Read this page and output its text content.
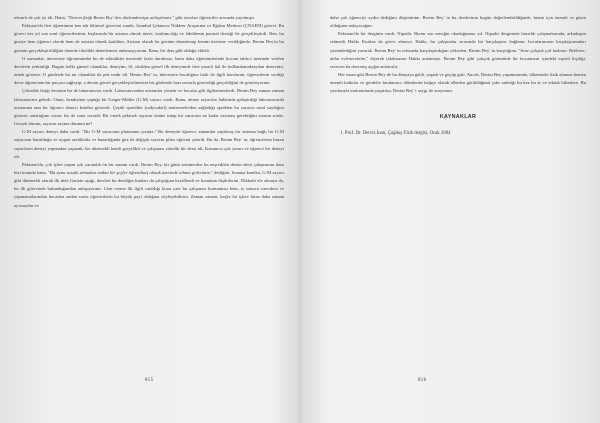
tekrarlı de çok iyi idi. Hatta, "Nitrom fiziği Besim Bey' den dinlemdemişiz anlaşılması." gibi tavırları öğrenciler arasında yayılmıştı.

Pakistan'da ileri öğrenimini ben tek bilimsel görevini sundu. İstanbul Çekmece Nükleer Araştırma ve Eğitim Merkezi (ÇNAEM) görevi. Bu görevi her yıl son sınıf öğrencilerinin, başlarında bir asistan olmak üzere, katılımcılığı ve fakültenin parasal desteği ile gerçekleştirdi. Ben, bu geziye hem öğrenci olarak hem de asistan olarak katıldım. Asistan olarak bu gezinin düzenlenip benim üzerime verildiğinde, Besim Bey'in bu gezinin gerçekleştirildiğini önemle titizlikle denetlemesi anlamışıyorum. Bana, bir ders gibi olduğu ekledi.

O zamanlar, üniversite öğrenimindei bu de etkinlikler üzerinde fazla durulmaz; hatta daha öğrenimlerinde hocam tabirci üzerinde verilen derslerin yetkinliği. Bugiin belki günsel olanaklar, deneyim, fil, okuldan görsel ilk deneyimde ileri yararlı hal ile kullanılamaktaydan deneyimi, örnek gösterir. O günlerde bu tur olanaklar da pek nadir idi. Besim Bey' in, üniversite hocalığına fizik ile ilgili kurslarını, öğrencilerin verdiği derse öğrencinin bir parçası sağlayıp, o dersin görsel gerçekleştirilmesini bir gözlemle bazı unsurla gösterdiği gerçekliğini de gösteriyorum.

Çekirdek fiziği dersinin bir de laboratuvarı vardı. Laboratuvardan asistanlar yönetir ve hocalar gök ilgilenmezlerdi. Besim Bey zaman zaman laboratuvara gelirdi. Onun, kendisinin yaptığı bir Geiger-Müller (G-M) sayacı vardı. Bunu, deney sayacılar hakkında geliştirdiği laboratuvarda asistanına tam bir öğrenci deneyi kendisi gösterdi. Çeşitli sprediler (radyoaktif) malzemelerden sağladığı sprekten bu sayacın nasıl saydığını gösterir anlattığımı sonra, bir de sona sorardi: Bir örnek pekmek sayacın önüne tutup bir sayacam ne kadar sayması gerektiğini sorunu sordu. Gerçek durum, sayacın sayma durumu ne?

G-M sayacı deneyi daha vardı: "Bir G-M sayacının platonunu çiziniz." Bu deneyde öğrenci, zamanlar yapılanış bir sistema bağlı bir G-M sayacının kurulduğu ve uygun aralıklarla ve hazarlığında göz ile değişik sayacın plato eğrisini çizerdi. Bu da, Besim Bey' in, öğrencilerin bazen sayacların deneyi yapmadan yaparak, bir düzenekli kendi geçerlikli ve çalışması yönelik bir dersi idi. Kanunıca çok yararı ve öğrenci bir deneyi idi.

Pakistan'da, çok işleri yapan çok yaratalık ön bir sunum vardı. Besim Bey, bir günü seminerden bu neşredilen dersin dersi çalışmasını ilanı bizi konuda bana, "Bu aynu susulti almadan ondan bir şeyler öğrenilmiş olmak üzerinde nihanı golerimin." dediğini. Sonuna kendisi, G-M sayacı gibi düzenekli olarak ilk defa Garizin aşağı, dersleri bu dersliğin bunları da çalıştığına keyiflendi ve konunun ilişikilerini. Dikkatli ele almaya da, bu ilk görevinde bulunduğundan anlaşıyorum. Cem verme ilk ilgili canlılığı konu yazı bu çalışması kurmamızı hem, iç sonuca varsırken ve yapmamalarından hocadan ondan sırası öğrencilerin bu büyük payi oldağına söyleyebilirim. Zaman zaman, keşke bu işlere biraz daha zaman ayırsaydın ve

815

daha çok öğrenciyi aydın dediğimi düşünürüm. Besim Bey' in bu derslerinin bugün değerlendirildiğinde, bizim için önemli ve güzin olduğunu anlayacağım.

Pakistan'da bir derginin vardı: Nipadir. Bizim son seneğin okuduğumuz yıl. Nipadir derginizin hazırlık çalışmalarında, arkadaşım rahmetli Hakkı Kuzkas da görev almaya. Hakkı, bu çalışmalar sırasında bir karşılaştırır bağlamı; hocalarımızın karşılaştırmaları çözümlediğini yazarak. Besim Bey' in odasında karşılaştırdığını yükselen, Besim Bey' in karşılığına: "Sene çalıştık çok bakının. Bekliren; daha evlenecektim." diyerek takılmasını Hakkı anlatmayı. Besim Bey gibi çokçok görüntüde bir hocamızın içindeki esprili kişiliği, sevecen bu davranış açığıa anlatırılır.

Her insan gibi Besim Bey de bu dünyaya geldi, yaşadı ve göçüp gitti. Ancak, Besim Bey yaşamımında, ülkemizde fizik alanına hemen önemli katkılar ve gördeler bırakması; ölümlerini kalpçe olarak elbeden görüldüğünü çabs sadetiği bu kez bu ar ve teknik bilimlere. Bu yazılarıyla aralıranlarda yaşatılsa, Besim Bey' i saygı ile anıyorum.

KAYNAKLAR
1. Prof. Dr. Dervis İnan, Çağdaş Fizik dergisi, Ocak 2004
816
